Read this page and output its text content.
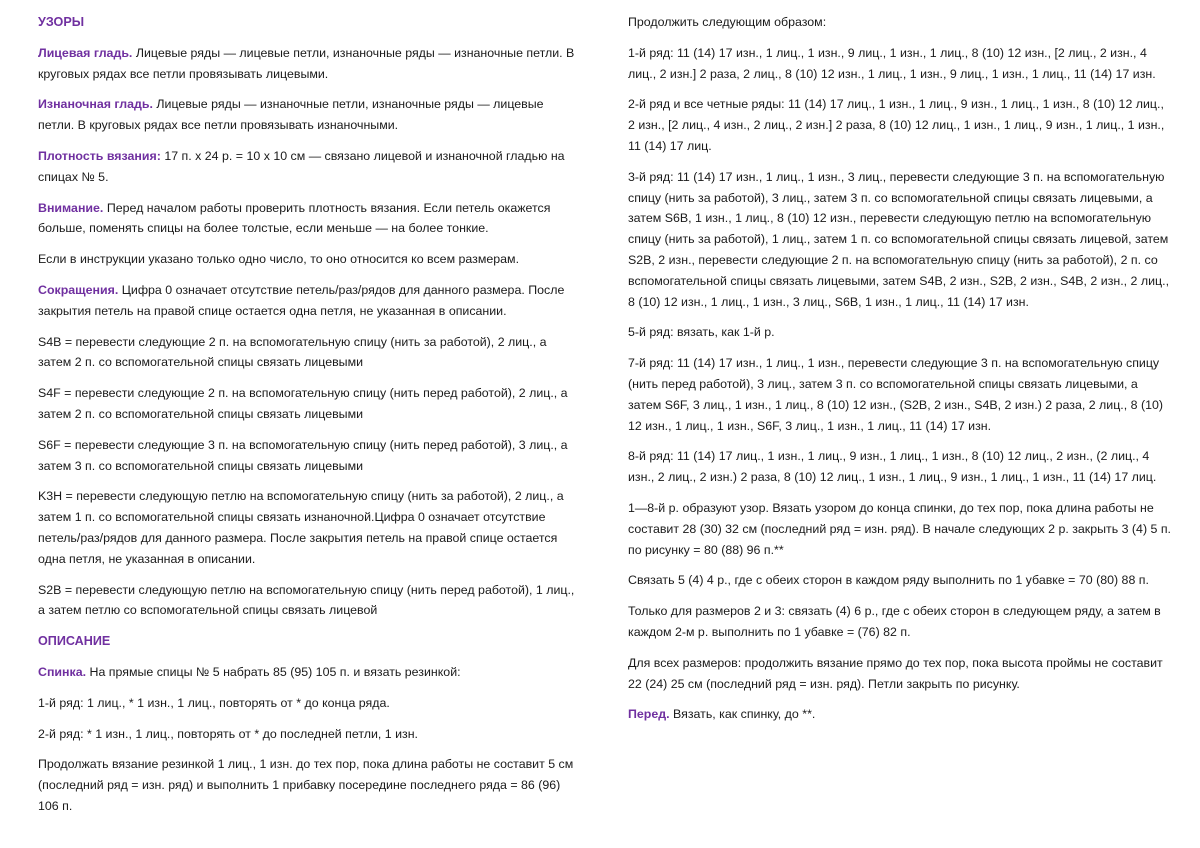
УЗОРЫ

Лицевая гладь. Лицевые ряды — лицевые петли, изнаночные ряды — изнаночные петли. В круговых рядах все петли провязывать лицевыми.

Изнаночная гладь. Лицевые ряды — изнаночные петли, изнаночные ряды — лицевые петли. В круговых рядах все петли провязывать изнаночными.

Плотность вязания: 17 п. х 24 р. = 10 х 10 см — связано лицевой и изнаночной гладью на спицах № 5.

Внимание. Перед началом работы проверить плотность вязания. Если петель окажется больше, поменять спицы на более толстые, если меньше — на более тонкие.

Если в инструкции указано только одно число, то оно относится ко всем размерам.

Сокращения. Цифра 0 означает отсутствие петель/раз/рядов для данного размера. После закрытия петель на правой спице остается одна петля, не указанная в описании.

S4B = перевести следующие 2 п. на вспомогательную спицу (нить за работой), 2 лиц., а затем 2 п. со вспомогательной спицы связать лицевыми

S4F = перевести следующие 2 п. на вспомогательную спицу (нить перед работой), 2 лиц., а затем 2 п. со вспомогательной спицы связать лицевыми

S6F = перевести следующие 3 п. на вспомогательную спицу (нить перед работой), 3 лиц., а затем 3 п. со вспомогательной спицы связать лицевыми

K3H = перевести следующую петлю на вспомогательную спицу (нить за работой), 2 лиц., а затем 1 п. со вспомогательной спицы связать изнаночной.Цифра 0 означает отсутствие петель/раз/рядов для данного размера. После закрытия петель на правой спице остается одна петля, не указанная в описании.

S2B = перевести следующую петлю на вспомогательную спицу (нить перед работой), 1 лиц., а затем петлю со вспомогательной спицы связать лицевой

ОПИСАНИЕ

Спинка. На прямые спицы № 5 набрать 85 (95) 105 п. и вязать резинкой:

1-й ряд: 1 лиц., * 1 изн., 1 лиц., повторять от * до конца ряда.

2-й ряд: * 1 изн., 1 лиц., повторять от * до последней петли, 1 изн.

Продолжать вязание резинкой 1 лиц., 1 изн. до тех пор, пока длина работы не составит 5 см (последний ряд = изн. ряд) и выполнить 1 прибавку посередине последнего ряда = 86 (96) 106 п.

Продолжить следующим образом:

1-й ряд: 11 (14) 17 изн., 1 лиц., 1 изн., 9 лиц., 1 изн., 1 лиц., 8 (10) 12 изн., [2 лиц., 2 изн., 4 лиц., 2 изн.] 2 раза, 2 лиц., 8 (10) 12 изн., 1 лиц., 1 изн., 9 лиц., 1 изн., 1 лиц., 11 (14) 17 изн.

2-й ряд и все четные ряды: 11 (14) 17 лиц., 1 изн., 1 лиц., 9 изн., 1 лиц., 1 изн., 8 (10) 12 лиц., 2 изн., [2 лиц., 4 изн., 2 лиц., 2 изн.] 2 раза, 8 (10) 12 лиц., 1 изн., 1 лиц., 9 изн., 1 лиц., 1 изн., 11 (14) 17 лиц.

3-й ряд: 11 (14) 17 изн., 1 лиц., 1 изн., 3 лиц., перевести следующие 3 п. на вспомогательную спицу (нить за работой), 3 лиц., затем 3 п. со вспомогательной спицы связать лицевыми, а затем S6B, 1 изн., 1 лиц., 8 (10) 12 изн., перевести следующую петлю на вспомогательную спицу (нить за работой), 1 лиц., затем 1 п. со вспомогательной спицы связать лицевой, затем S2B, 2 изн., перевести следующие 2 п. на вспомогательную спицу (нить за работой), 2 п. со вспомогательной спицы связать лицевыми, затем S4B, 2 изн., S2B, 2 изн., S4B, 2 изн., 2 лиц., 8 (10) 12 изн., 1 лиц., 1 изн., 3 лиц., S6B, 1 изн., 1 лиц., 11 (14) 17 изн.

5-й ряд: вязать, как 1-й р.

7-й ряд: 11 (14) 17 изн., 1 лиц., 1 изн., перевести следующие 3 п. на вспомогательную спицу (нить перед работой), 3 лиц., затем 3 п. со вспомогательной спицы связать лицевыми, а затем S6F, 3 лиц., 1 изн., 1 лиц., 8 (10) 12 изн., (S2B, 2 изн., S4B, 2 изн.) 2 раза, 2 лиц., 8 (10) 12 изн., 1 лиц., 1 изн., S6F, 3 лиц., 1 изн., 1 лиц., 11 (14) 17 изн.

8-й ряд: 11 (14) 17 лиц., 1 изн., 1 лиц., 9 изн., 1 лиц., 1 изн., 8 (10) 12 лиц., 2 изн., (2 лиц., 4 изн., 2 лиц., 2 изн.) 2 раза, 8 (10) 12 лиц., 1 изн., 1 лиц., 9 изн., 1 лиц., 1 изн., 11 (14) 17 лиц.

1—8-й р. образуют узор. Вязать узором до конца спинки, до тех пор, пока длина работы не составит 28 (30) 32 см (последний ряд = изн. ряд). В начале следующих 2 р. закрыть 3 (4) 5 п. по рисунку = 80 (88) 96 п.**

Связать 5 (4) 4 р., где с обеих сторон в каждом ряду выполнить по 1 убавке = 70 (80) 88 п.

Только для размеров 2 и 3: связать (4) 6 р., где с обеих сторон в следующем ряду, а затем в каждом 2-м р. выполнить по 1 убавке = (76) 82 п.

Для всех размеров: продолжить вязание прямо до тех пор, пока высота проймы не составит 22 (24) 25 см (последний ряд = изн. ряд). Петли закрыть по рисунку.

Перед. Вязать, как спинку, до **.
